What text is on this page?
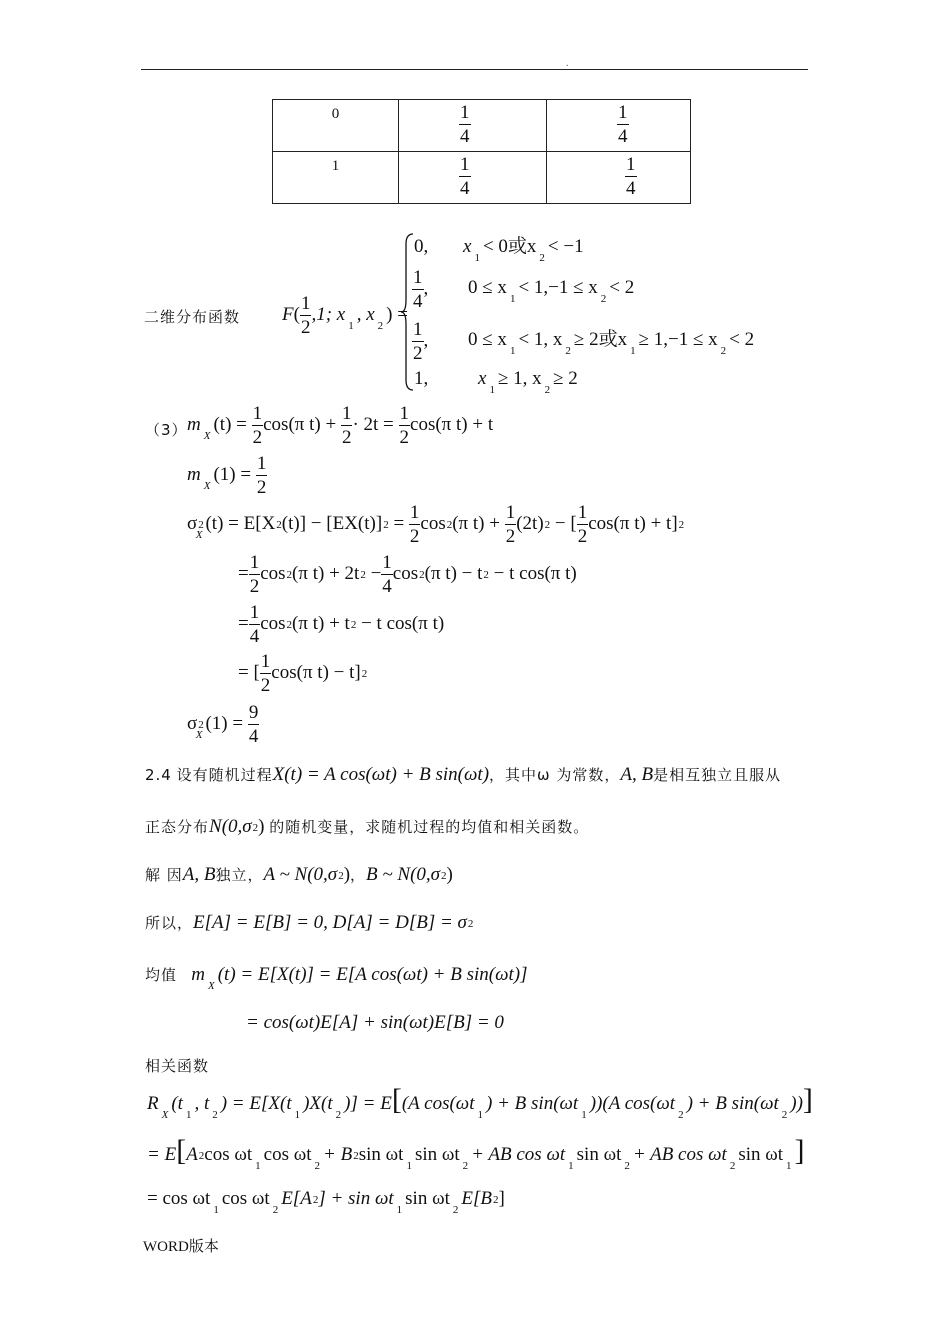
.
0	$\frac{1}{4}$	$\frac{1}{4}$

1	$\frac{1}{4}$	$\frac{1}{4}$
二维分布函数 $F( \frac{1}{2} ,1$; $x_1$, $x_2$) =
0, $x_1< 0$或$x_2< -1$
$\frac{1}{4}$ , $0 \le x_1< 1,-1 \le x_2< 2$
$\frac{1}{2}$ , $0 \le x_1< 1$, $x_2\ge 2$或$x_1\ge 1,-1 \le x_2< 2$
1,	$x_1\ge 1$, $x_2\ge 2$
（3） $m_X(t) = \frac{1}{2} \cos(\pi$ $t) + \frac{1}{2} \cdot 2t = \frac{1}{2} \cos(\pi$ t) + t
$m_X(1) = \frac{1}{2}$
$\sigma 2_X(t) = E[X2(t)] - [EX(t)]2 = \frac{1}{2} \cos 2(\pi$ $t) + \frac{1}{2} (2t)2$ − [ $\frac{1}{2} \cos(\pi$ t) + t]2
= $\frac{1}{2} \cos 2(\pi$ $t) + 2t2 - \frac{1}{4} \cos 2(\pi$ t) − t2 − t cos(π t)
= $\frac{1}{4} \cos 2(\pi$ t) + t2 − t cos(π t)
= [ $\frac{1}{2} \cos(\pi$ t) − t]2
$\sigma 2_X(1) = \frac{9}{4}$
2.4 设有随机过程X(t) = A cos(ωt) + B sin(ωt)，其中ω 为常数，A, B是相互独立且服从
正态分布N(0,σ2) 的随机变量，求随机过程的均值和相关函数。
解 因A, B独立，A ~ N(0,σ2)，B ~ N(0,σ2)
所以，E[A] = E[B] = 0, D[A] = D[B] = σ2
均值 $m_X(t) = E[X(t)] = E[A$ cos(ωt) + B sin(ωt)]
= cos(ωt)E[A] + sin(ωt)E[B] = 0
相关函数
$R_X(t_1$, $t_2) = E[X(t_1)X(t_2)] = E[(A$ $\cos(\omega t_1) + B$ $\sin(\omega t_1))(A$ $\cos(\omega t_2) + B$ $\sin(\omega t_2)$)]
= E[A2cos $\omega t_1\cos$ $\omega t_2+ B2\sin$ $\omega t_1\sin$ $\omega t_2+$ AB $\cos \omega t_1\sin$ $\omega t_2+$ AB $\cos \omega t_2\sin$ $\omega t_1$ ]
= $\cos \omega t_1\cos$ $\omega t_2E[A2] + \sin \omega t_1\sin$ $\omega t_2E[B2]$
WORD版本
